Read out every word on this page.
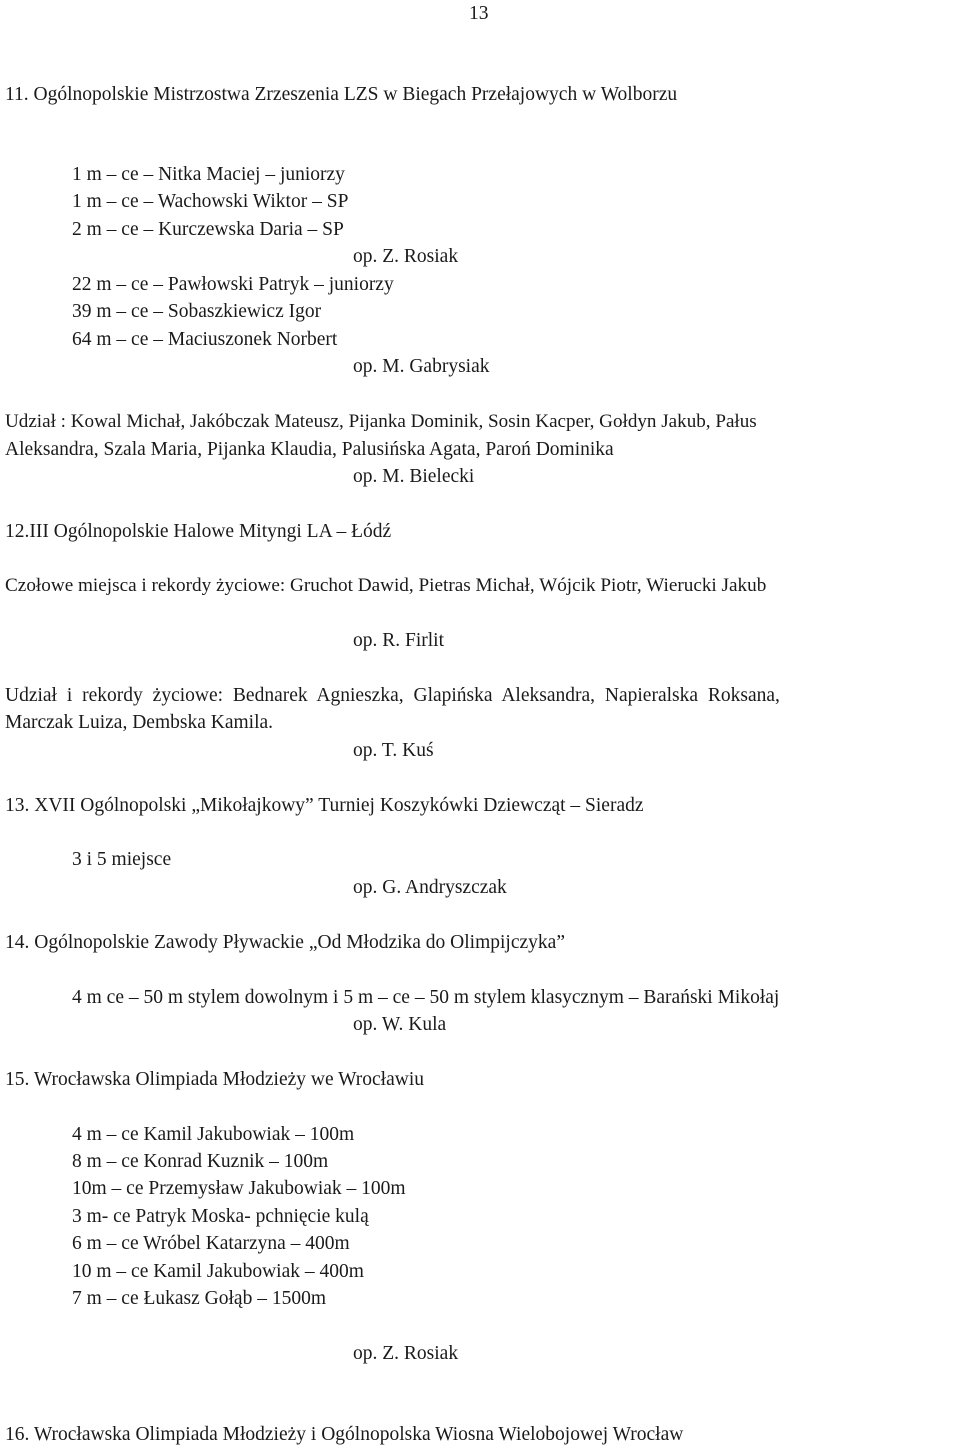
13
11. Ogólnopolskie Mistrzostwa Zrzeszenia LZS w Biegach Przełajowych w Wolborzu
1 m – ce – Nitka Maciej – juniorzy
1 m – ce – Wachowski Wiktor – SP
2 m – ce – Kurczewska Daria – SP
op. Z. Rosiak
22 m – ce – Pawłowski Patryk – juniorzy
39 m – ce – Sobaszkiewicz Igor
64 m – ce – Maciuszonek Norbert
op. M. Gabrysiak
Udział : Kowal Michał, Jakóbczak Mateusz, Pijanka Dominik, Sosin Kacper, Gołdyn Jakub, Pałus
Aleksandra, Szala Maria, Pijanka Klaudia, Palusińska Agata, Paroń Dominika
op. M. Bielecki
12.III Ogólnopolskie Halowe Mityngi LA – Łódź
Czołowe miejsca i rekordy życiowe: Gruchot Dawid, Pietras Michał, Wójcik Piotr, Wierucki Jakub
op. R. Firlit
Udział i rekordy życiowe: Bednarek Agnieszka, Glapińska Aleksandra, Napieralska Roksana,
Marczak Luiza, Dembska Kamila.
op. T. Kuś
13. XVII Ogólnopolski „Mikołajkowy” Turniej Koszykówki Dziewcząt – Sieradz
3 i 5 miejsce
op. G. Andryszczak
14. Ogólnopolskie Zawody Pływackie „Od Młodzika do Olimpijczyka”
4 m ce – 50 m stylem dowolnym i 5 m – ce – 50 m stylem klasycznym – Barański Mikołaj
op. W. Kula
15. Wrocławska Olimpiada Młodzieży we Wrocławiu
4 m – ce Kamil Jakubowiak – 100m
8 m – ce Konrad Kuznik – 100m
10m – ce Przemysław Jakubowiak – 100m
3 m- ce Patryk Moska- pchnięcie kulą
6 m – ce Wróbel Katarzyna – 400m
10 m – ce Kamil Jakubowiak – 400m
7 m – ce Łukasz Gołąb – 1500m
op. Z. Rosiak
16. Wrocławska Olimpiada Młodzieży i Ogólnopolska Wiosna Wielobojowej Wrocław
